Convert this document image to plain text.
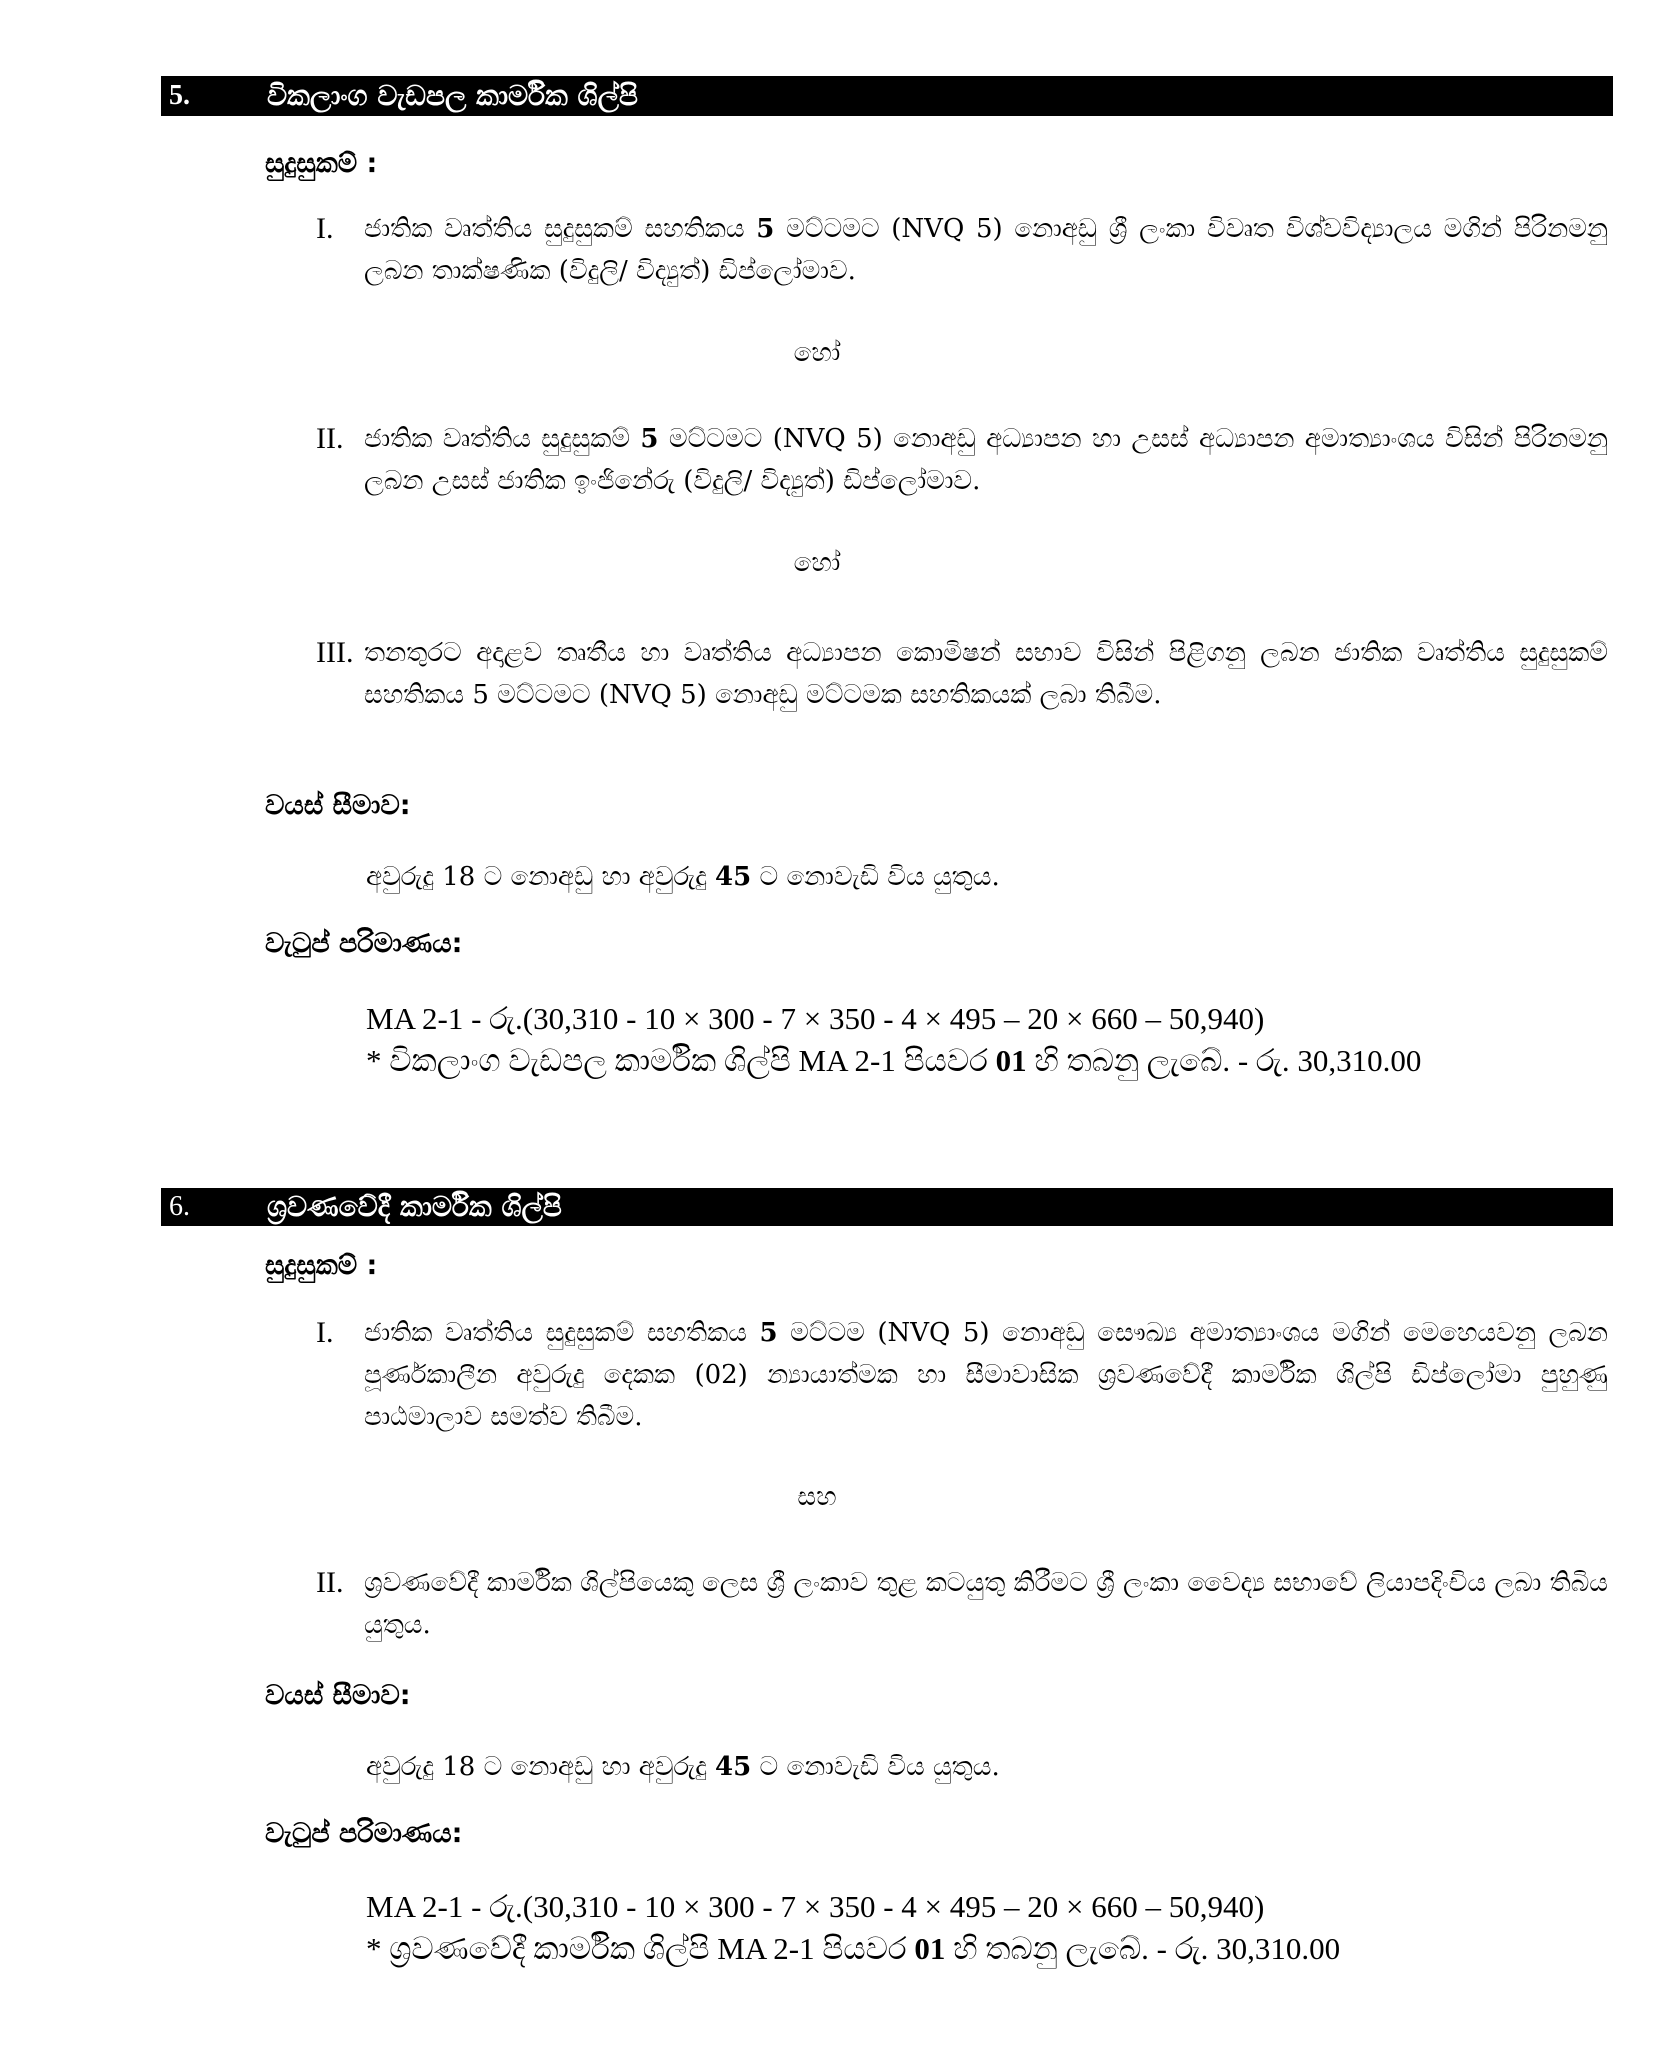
5.	විකලාංග වැඩපල කාර්මික ශිල්පි
සුදුසුකම් :
I. ජාතික වෘත්තිය සුදුසුකම් සහතිකය 5 මට්ටමට (NVQ 5) නොඅඩු ශ්‍රී ලංකා විවෘත විශ්වවිද්‍යාලය මගින් පිරිනමනු ලබන තාක්ෂණික (විදුලි/ විද්‍යුත්) ඩිප්ලෝමාව.
හෝ
II. ජාතික වෘත්තිය සුදුසුකම් 5 මට්ටමට (NVQ 5) නොඅඩු අධ්‍යාපන හා උසස් අධ්‍යාපන අමාත්‍යාංශය විසින් පිරිනමනු ලබන උසස් ජාතික ඉංජිනේරු (විදුලි/ විද්‍යුත්) ඩිප්ලෝමාව.
හෝ
III. තනතුරට අදාළව තෘතීය හා වෘත්තිය අධ්‍යාපන කොමිෂන් සභාව විසින් පිළිගනු ලබන ජාතික වෘත්තිය සුදුසුකම් සහතිකය 5 මට්ටමට (NVQ 5) නොඅඩු මට්ටමක සහතිකයක් ලබා තිබීම.
වයස් සීමාව:
අවුරුදු 18 ට නොඅඩු හා අවුරුදු 45 ට නොවැඩි විය යුතුය.
වැටුප් පරිමාණය:
MA 2-1 - රු.(30,310 - 10 × 300 - 7 × 350 - 4 × 495 – 20 × 660 – 50,940)
* විකලාංග වැඩපල කාර්මික ශිල්පි MA 2-1 පියවර 01 හි තබනු ලැබේ. - රු. 30,310.00
6.	ශ්‍රවණවේදී කාර්මික ශිල්පි
සුදුසුකම් :
I. ජාතික වෘත්තිය සුදුසුකම් සහතිකය 5 මට්ටම (NVQ 5) නොඅඩු සෞඛ්‍ය අමාත්‍යාංශය මගින් මෙහෙයවනු ලබන පූර්ණකාලීන අවුරුදු දෙකක (02) න්‍යායාත්මක හා සීමාවාසික ශ්‍රවණවේදී කාර්මික ශිල්පි ඩිප්ලෝමා පුහුණු පාඨමාලාව සමත්ව තිබීම.
සහ
II. ශ්‍රවණවේදී කාර්මික ශිල්පියෙකු ලෙස ශ්‍රී ලංකාව තුළ කටයුතු කිරීමට ශ්‍රී ලංකා වෛද්‍ය සභාවේ ලියාපදිංචිය ලබා තිබිය යුතුය.
වයස් සීමාව:
අවුරුදු 18 ට නොඅඩු හා අවුරුදු 45 ට නොවැඩි විය යුතුය.
වැටුප් පරිමාණය:
MA 2-1 - රු.(30,310 - 10 × 300 - 7 × 350 - 4 × 495 – 20 × 660 – 50,940)
* ශ්‍රවණවේදී කාර්මික ශිල්පි MA 2-1 පියවර 01 හි තබනු ලැබේ. - රු. 30,310.00
